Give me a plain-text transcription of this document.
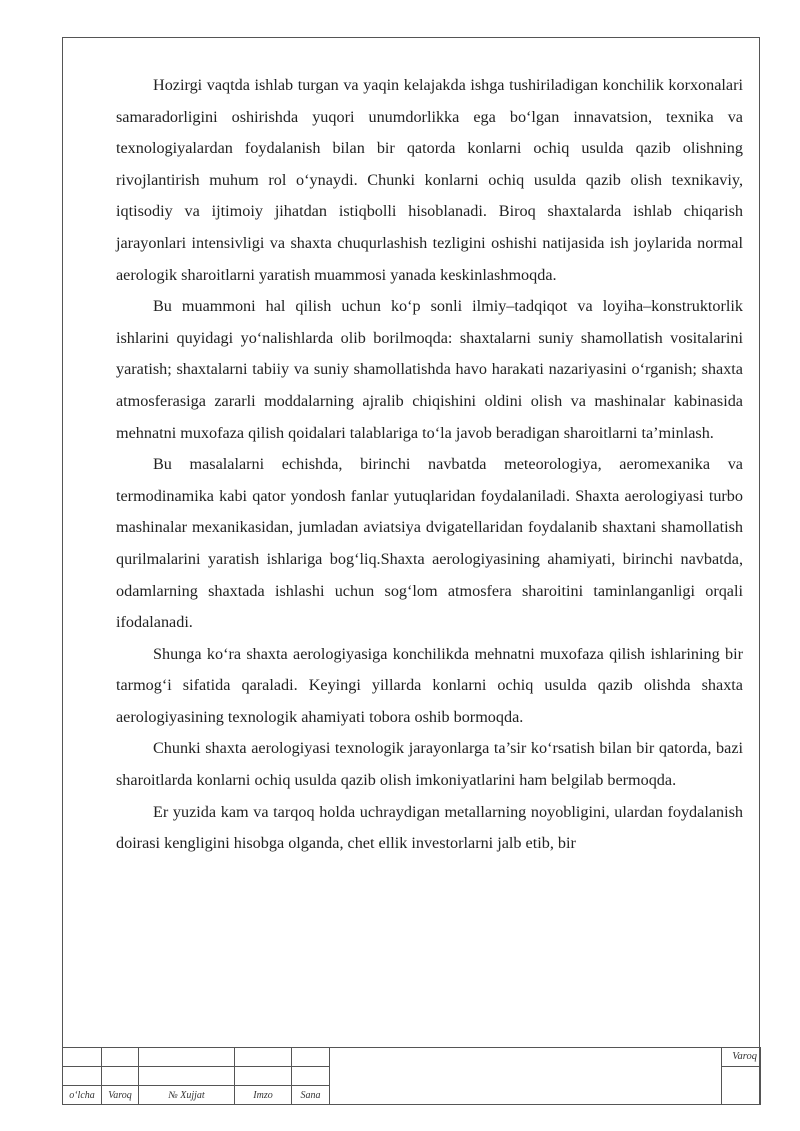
Hozirgi vaqtda ishlab turgan va yaqin kelajakda ishga tushiriladigan konchilik korxonalari samaradorligini oshirishda yuqori unumdorlikka ega bo‘lgan innavatsion, texnika va texnologiyalardan foydalanish bilan bir qatorda konlarni ochiq usulda qazib olishning rivojlantirish muhum rol o‘ynaydi. Chunki konlarni ochiq usulda qazib olish texnikaviy, iqtisodiy va ijtimoiy jihatdan istiqbolli hisoblanadi. Biroq shaxtalarda ishlab chiqarish jarayonlari intensivligi va shaxta chuqurlashish tezligini oshishi natijasida ish joylarida normal aerologik sharoitlarni yaratish muammosi yanada keskinlashmoqda.

Bu muammoni hal qilish uchun ko‘p sonli ilmiy–tadqiqot va loyiha–konstruktorlik ishlarini quyidagi yo‘nalishlarda olib borilmoqda: shaxtalarni suniy shamollatish vositalarini yaratish; shaxtalarni tabiiy va suniy shamollatishda havo harakati nazariyasini o‘rganish; shaxta atmosferasiga zararli moddalarning ajralib chiqishini oldini olish va mashinalar kabinasida mehnatni muxofaza qilish qoidalari talablariga to‘la javob beradigan sharoitlarni ta’minlash.

Bu masalalarni echishda, birinchi navbatda meteorologiya, aeromexanika va termodinamika kabi qator yondosh fanlar yutuqlaridan foydalaniladi. Shaxta aerologiyasi turbo mashinalar mexanikasidan, jumladan aviatsiya dvigatellaridan foydalanib shaxtani shamollatish qurilmalarini yaratish ishlariga bog‘liq.Shaxta aerologiyasining ahamiyati, birinchi navbatda, odamlarning shaxtada ishlashi uchun sog‘lom atmosfera sharoitini taminlanganligi orqali ifodalanadi.

Shunga ko‘ra shaxta aerologiyasiga konchilikda mehnatni muxofaza qilish ishlarining bir tarmog‘i sifatida qaraladi. Keyingi yillarda konlarni ochiq usulda qazib olishda shaxta aerologiyasining texnologik ahamiyati tobora oshib bormoqda.

Chunki shaxta aerologiyasi texnologik jarayonlarga ta’sir ko‘rsatish bilan bir qatorda, bazi sharoitlarda konlarni ochiq usulda qazib olish imkoniyatlarini ham belgilab bermoqda.

Er yuzida kam va tarqoq holda uchraydigan metallarning noyobligini, ulardan foydalanish doirasi kengligini hisobga olganda, chet ellik investorlarni jalb etib, bir

						Varoq

o‘lcha	Varoq	№ Xujjat	Imzo	Sana		
